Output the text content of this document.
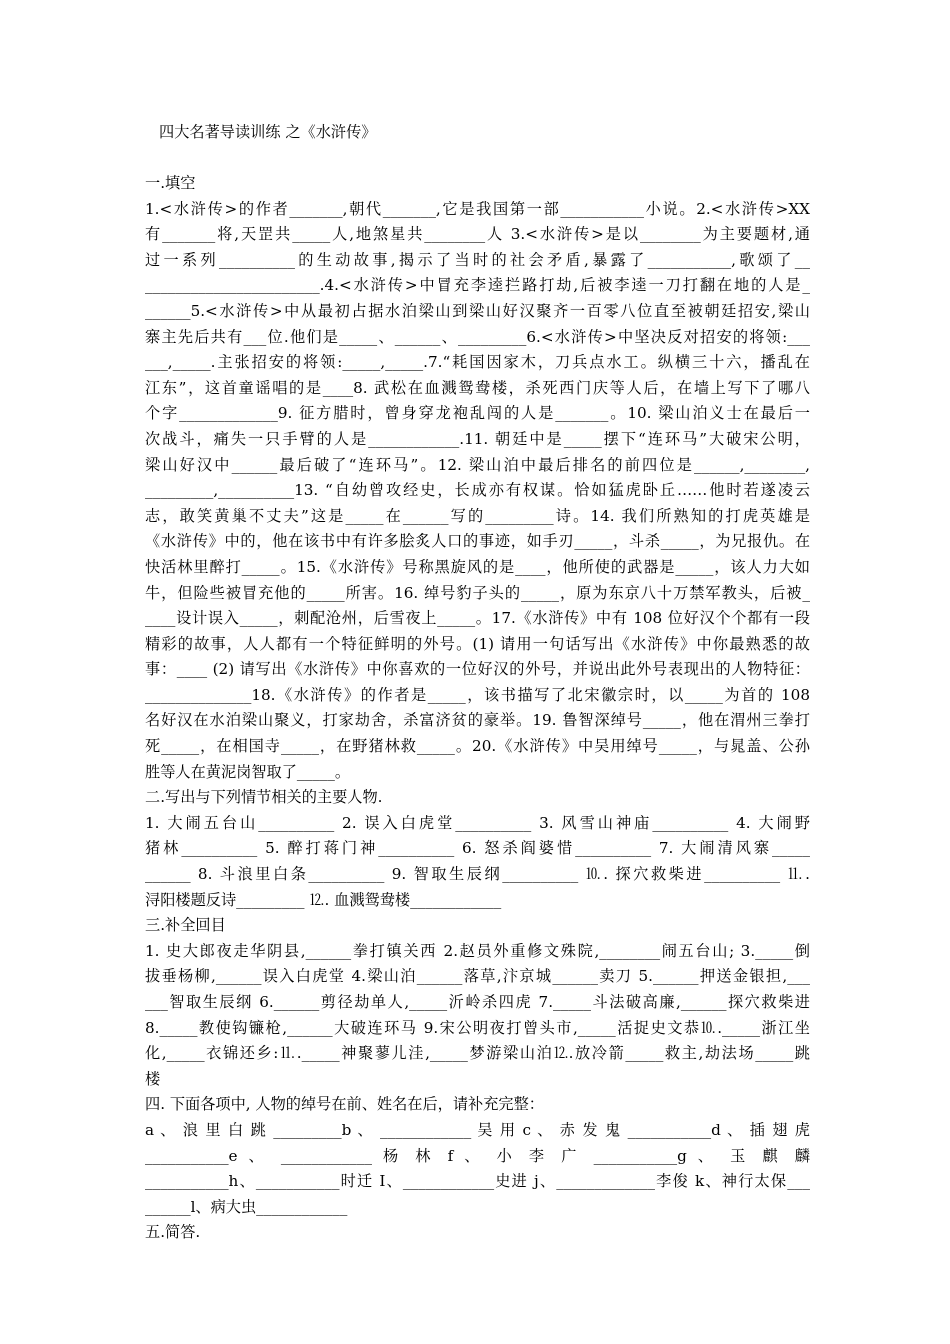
四大名著导读训练 之《水浒传》
一.填空
1.<水浒传>的作者_______,朝代_______,它是我国第一部___________小说。2.<水浒传>XX
有_______将,天罡共_____人,地煞星共________人 3.<水浒传>是以________为主要题材,通
过一系列__________的生动故事,揭示了当时的社会矛盾,暴露了___________,歌颂了__
_______________________.4.<水浒传>中冒充李逵拦路打劫,后被李逵一刀打翻在地的人是_
______5.<水浒传>中从最初占据水泊梁山到梁山好汉聚齐一百零八位直至被朝廷招安,梁山
寨主先后共有___位.他们是_____、______、_________6.<水浒传>中坚决反对招安的将领:___
___,_____.主张招安的将领:_____,_____.7.“耗国因家木，刀兵点水工。纵横三十六，播乱在
江东”，这首童谣唱的是____8. 武松在血溅鸳鸯楼，杀死西门庆等人后，在墙上写下了哪八
个字_____________9. 征方腊时，曾身穿龙袍乱闯的人是_______。10. 梁山泊义士在最后一
次战斗，痛失一只手臂的人是____________.11. 朝廷中是_____摆下“连环马”大破宋公明，
梁山好汉中______最后破了“连环马”。12. 梁山泊中最后排名的前四位是______,________,
_________,__________13. “自幼曾攻经史，长成亦有权谋。恰如猛虎卧丘……他时若遂凌云
志，敢笑黄巢不丈夫”这是_____在______写的_________诗。14. 我们所熟知的打虎英雄是
《水浒传》中的，他在该书中有许多脍炙人口的事迹，如手刃_____，斗杀_____，为兄报仇。在
快活林里醉打_____。15.《水浒传》号称黑旋风的是____，他所使的武器是_____，该人力大如
牛，但险些被冒充他的_____所害。16. 绰号豹子头的_____，原为东京八十万禁军教头，后被_
____设计误入_____，刺配沧州，后雪夜上_____。17.《水浒传》中有 108 位好汉个个都有一段
精彩的故事，人人都有一个特征鲜明的外号。(1) 请用一句话写出《水浒传》中你最熟悉的故
事：____ (2) 请写出《水浒传》中你喜欢的一位好汉的外号，并说出此外号表现出的人物特征：
______________18.《水浒传》的作者是_____，该书描写了北宋徽宗时，以_____为首的 108
名好汉在水泊梁山聚义，打家劫舍，杀富济贫的豪举。19. 鲁智深绰号_____，他在渭州三拳打
死_____，在相国寺_____，在野猪林救_____。20.《水浒传》中吴用绰号_____，与晁盖、公孙
胜等人在黄泥岗智取了_____。
二.写出与下列情节相关的主要人物.
1. 大闹五台山__________ 2. 误入白虎堂__________ 3. 风雪山神庙__________ 4. 大闹野
猪林__________ 5. 醉打蒋门神__________ 6. 怒杀阎婆惜__________ 7. 大闹清风寨_____
______ 8. 斗浪里白条__________ 9. 智取生辰纲__________ ⒑. 探穴救柴进__________ ⒒.
浔阳楼题反诗_________ ⒓. 血溅鸳鸯楼____________
三.补全回目
1. 史大郎夜走华阴县,______拳打镇关西 2.赵员外重修文殊院,________闹五台山; 3._____倒
拔垂杨柳,______误入白虎堂 4.梁山泊______落草,汴京城______卖刀 5.______押送金银担,___
___智取生辰纲 6.______剪径劫单人,_____沂岭杀四虎 7._____斗法破高廉,______探穴救柴进
8._____教使钩镰枪,______大破连环马 9.宋公明夜打曾头市,_____活捉史文恭⒑._____浙江坐
化,_____衣锦还乡:⒒._____神聚蓼儿洼,_____梦游梁山泊⒓.放冷箭_____救主,劫法场_____跳
楼
四. 下面各项中, 人物的绰号在前、姓名在后，请补充完整：
a 、 浪 里 白 跳 _________b 、 ____________ 吴 用 c 、 赤 发 鬼 ___________d 、 插 翅 虎
___________e 、 ____________ 杨 林 f 、 小 李 广 ___________g 、 玉 麒 麟
___________h、___________时迁 I、____________史进 j、_____________李俊 k、神行太保___
______l、病大虫____________
五.简答.
